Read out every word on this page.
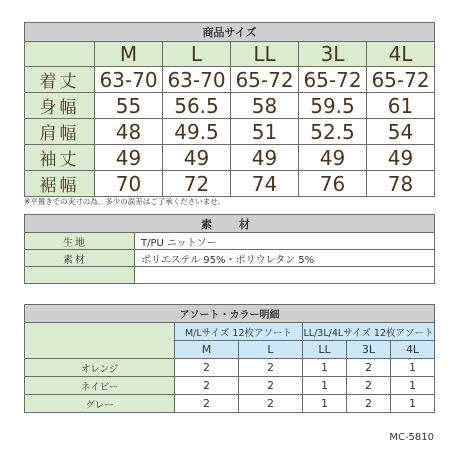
商品サイズ					
	M	L	LL	3L	4L
着丈	63-70	63-70	65-72	65-72	65-72
身幅	55	56.5	58	59.5	61
肩幅	48	49.5	51	52.5	54
袖丈	49	49	49	49	49
裾幅	70	72	74	76	78
※平置きでの実寸の為、多少の誤差はご了承くださいませ。
素　材	
生地	T/PU ニットソー
素材	ポリエステル 95%・ポリウレタン 5%

アソート・カラー明細					
	M/Lサイズ 12枚アソート		LL/3L/4Lサイズ 12枚アソート		
	M	L	LL	3L	4L
オレンジ	2	2	1	2	1
ネイビー	2	2	1	2	1
グレー	2	2	1	2	1
MC-5810
